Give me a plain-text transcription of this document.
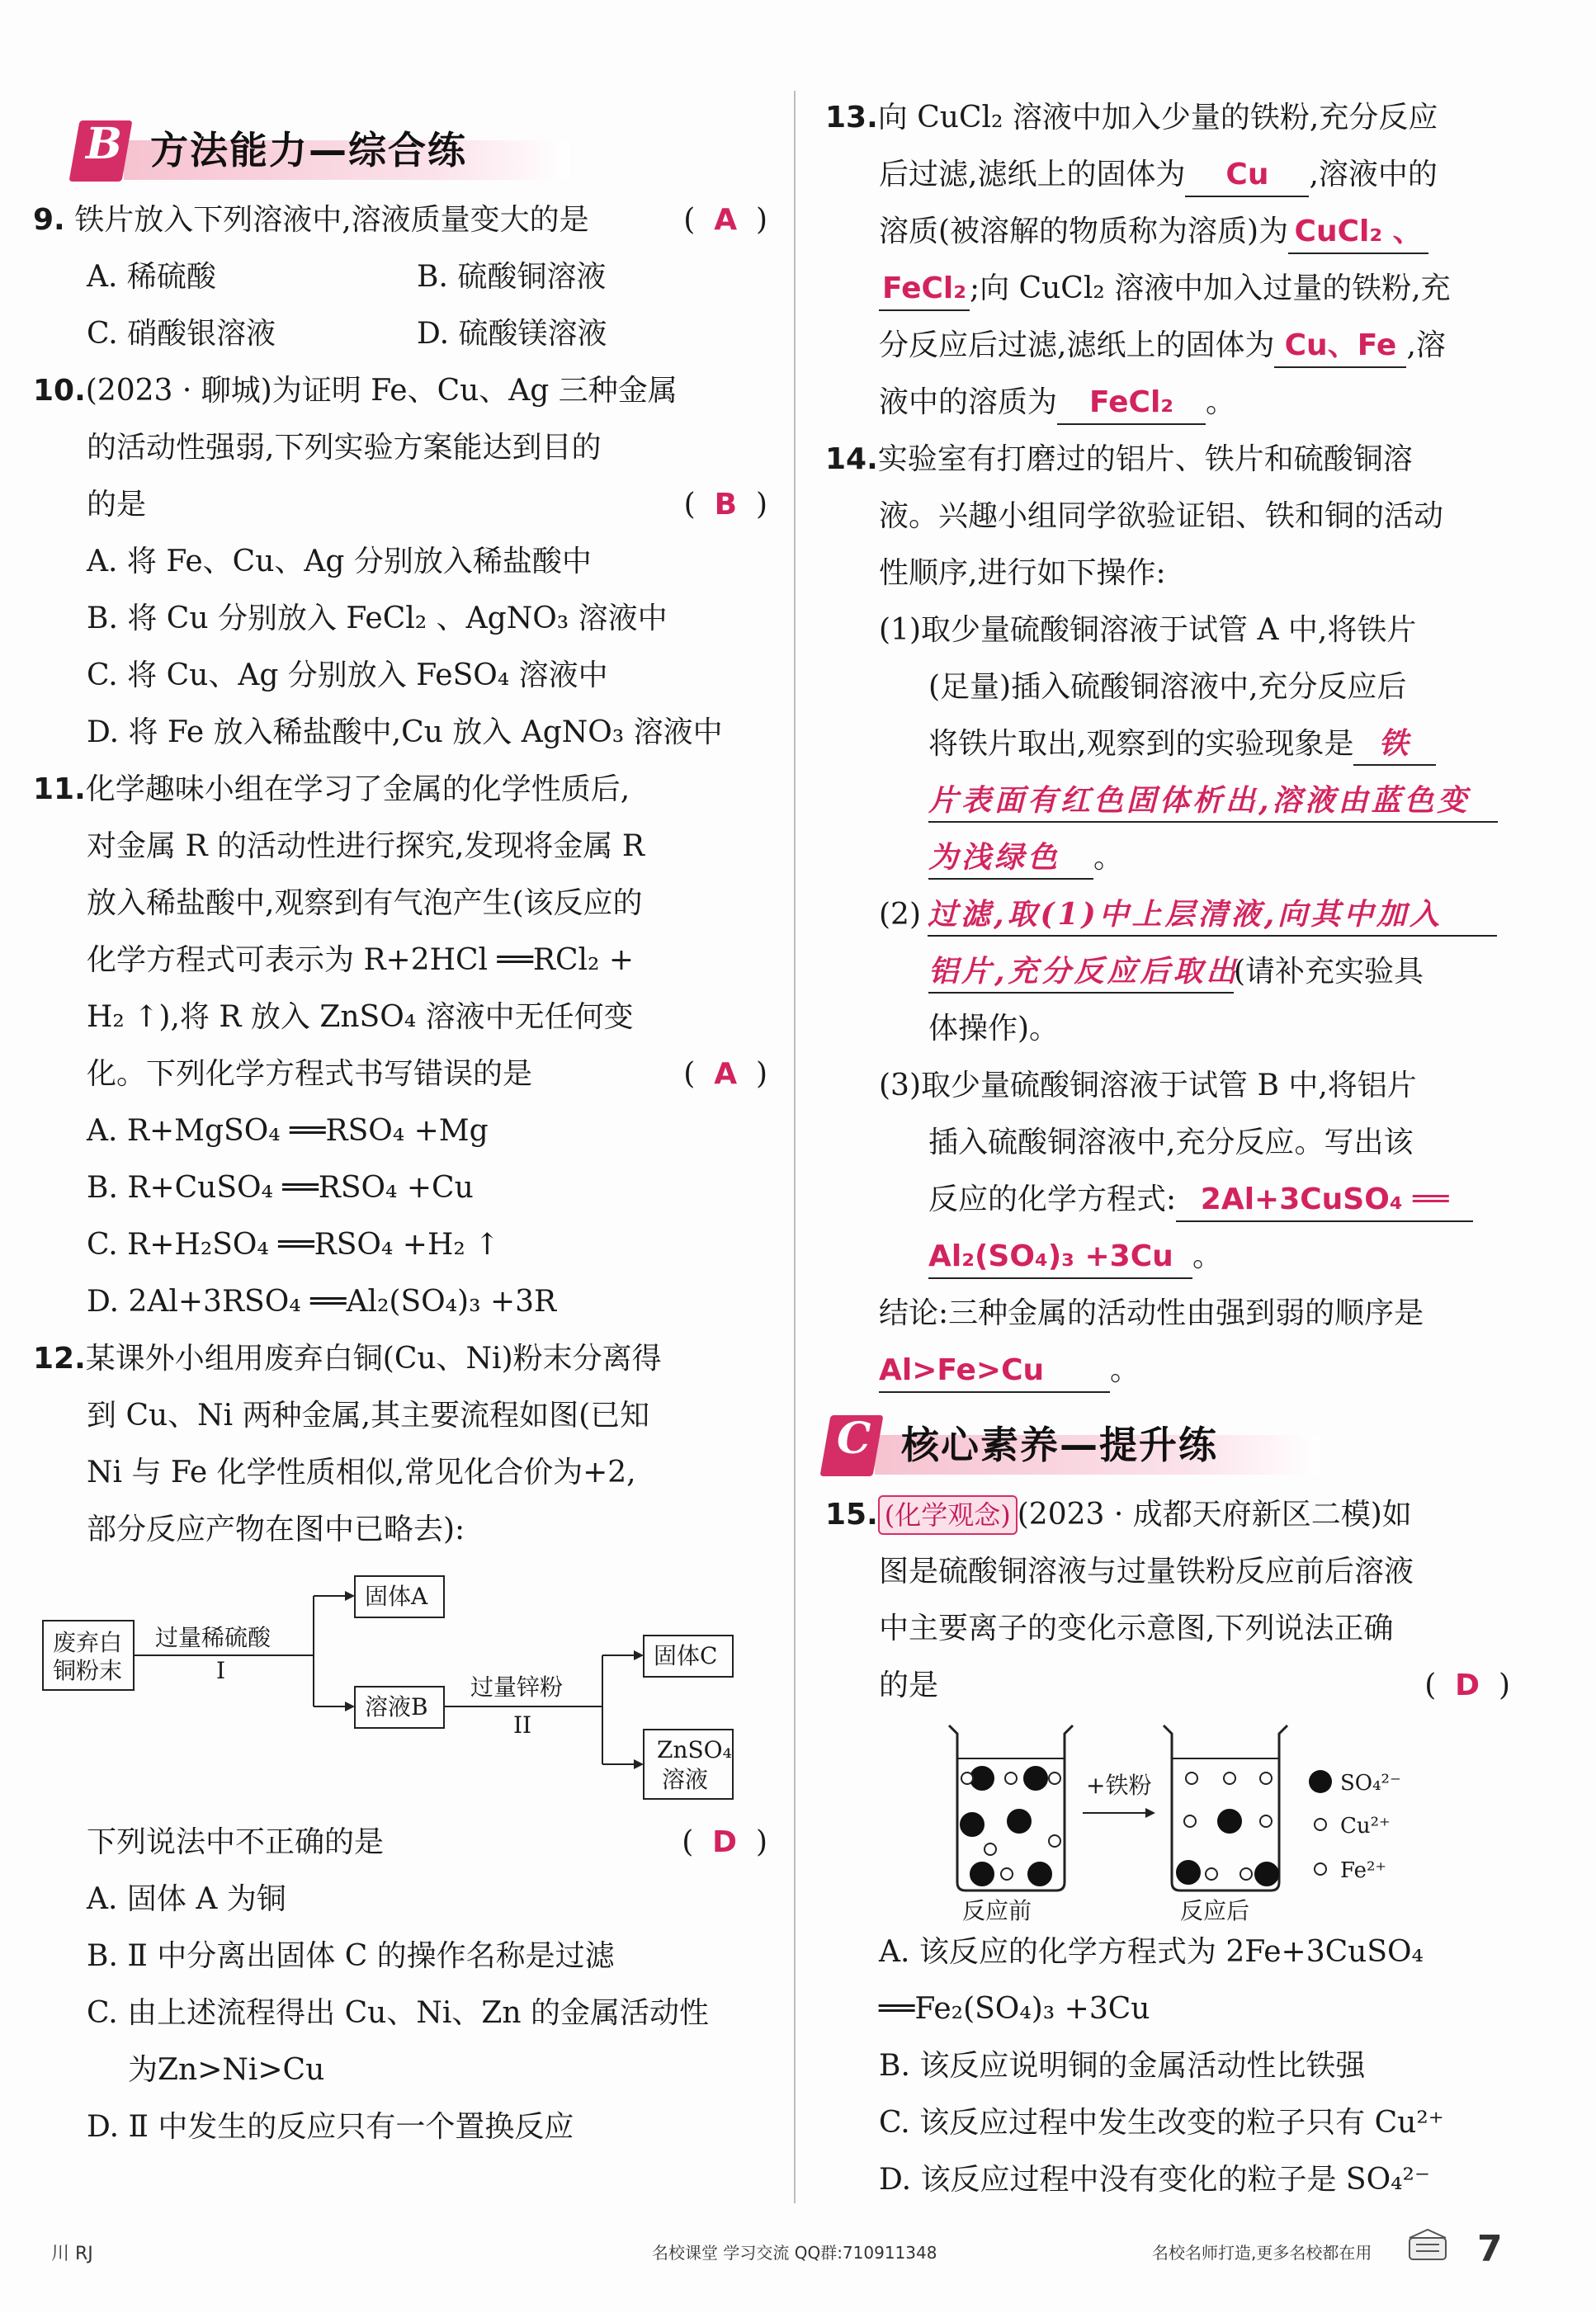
B 方法能力—综合练
9. 铁片放入下列溶液中,溶液质量变大的是	(  A  )
A. 稀硫酸	B. 硫酸铜溶液
C. 硝酸银溶液	D. 硫酸镁溶液
10.(2023 · 聊城)为证明 Fe、Cu、Ag 三种金属
的活动性强弱,下列实验方案能达到目的
的是	(  B  )
A. 将 Fe、Cu、Ag 分别放入稀盐酸中
B. 将 Cu 分别放入 FeCl₂ 、AgNO₃ 溶液中
C. 将 Cu、Ag 分别放入 FeSO₄ 溶液中
D. 将 Fe 放入稀盐酸中,Cu 放入 AgNO₃ 溶液中
11.化学趣味小组在学习了金属的化学性质后,
对金属 R 的活动性进行探究,发现将金属 R
放入稀盐酸中,观察到有气泡产生(该反应的
化学方程式可表示为 R+2HCl ══RCl₂ +
H₂ ↑),将 R 放入 ZnSO₄ 溶液中无任何变
化。下列化学方程式书写错误的是	(  A  )
A. R+MgSO₄ ══RSO₄ +Mg
B. R+CuSO₄ ══RSO₄ +Cu
C. R+H₂SO₄ ══RSO₄ +H₂ ↑
D. 2Al+3RSO₄ ══Al₂(SO₄)₃ +3R
12.某课外小组用废弃白铜(Cu、Ni)粉末分离得
到 Cu、Ni 两种金属,其主要流程如图(已知
Ni 与 Fe 化学性质相似,常见化合价为+2,
部分反应产物在图中已略去):
废弃白
铜粉末
过量稀硫酸
I
固体A
溶液B
过量锌粉
II
固体C
ZnSO₄
溶液
下列说法中不正确的是	(  D  )
A. 固体 A 为铜
B. Ⅱ 中分离出固体 C 的操作名称是过滤
C. 由上述流程得出 Cu、Ni、Zn 的金属活动性
为Zn>Ni>Cu
D. Ⅱ 中发生的反应只有一个置换反应
13.向 CuCl₂ 溶液中加入少量的铁粉,充分反应
后过滤,滤纸上的固体为 Cu ,溶液中的
溶质(被溶解的物质称为溶质)为 CuCl₂ 、
FeCl₂ ;向 CuCl₂ 溶液中加入过量的铁粉,充
分反应后过滤,滤纸上的固体为 Cu、Fe ,溶
液中的溶质为 FeCl₂ 。
14.实验室有打磨过的铝片、铁片和硫酸铜溶
液。兴趣小组同学欲验证铝、铁和铜的活动
性顺序,进行如下操作:
(1)取少量硫酸铜溶液于试管 A 中,将铁片
(足量)插入硫酸铜溶液中,充分反应后
将铁片取出,观察到的实验现象是 铁
片表面有红色固体析出,溶液由蓝色变
为浅绿色 。
(2) 过滤,取(1)中上层清液,向其中加入
铝片,充分反应后取出(请补充实验具
体操作)。
(3)取少量硫酸铜溶液于试管 B 中,将铝片
插入硫酸铜溶液中,充分反应。写出该
反应的化学方程式: 2Al+3CuSO₄ ══
Al₂(SO₄)₃ +3Cu 。
结论:三种金属的活动性由强到弱的顺序是
Al>Fe>Cu 。
C 核心素养—提升练
15. (化学观念) (2023 · 成都天府新区二模)如
图是硫酸铜溶液与过量铁粉反应前后溶液
中主要离子的变化示意图,下列说法正确
的是	(  D  )
+铁粉
反应前	反应后
SO₄²⁻
Cu²⁺
Fe²⁺
A. 该反应的化学方程式为 2Fe+3CuSO₄
══Fe₂(SO₄)₃ +3Cu
B. 该反应说明铜的金属活动性比铁强
C. 该反应过程中发生改变的粒子只有 Cu²⁺
D. 该反应过程中没有变化的粒子是 SO₄²⁻
川 RJ	名校课堂 学习交流 QQ群:710911348	名校名师打造,更多名校都在用	7
